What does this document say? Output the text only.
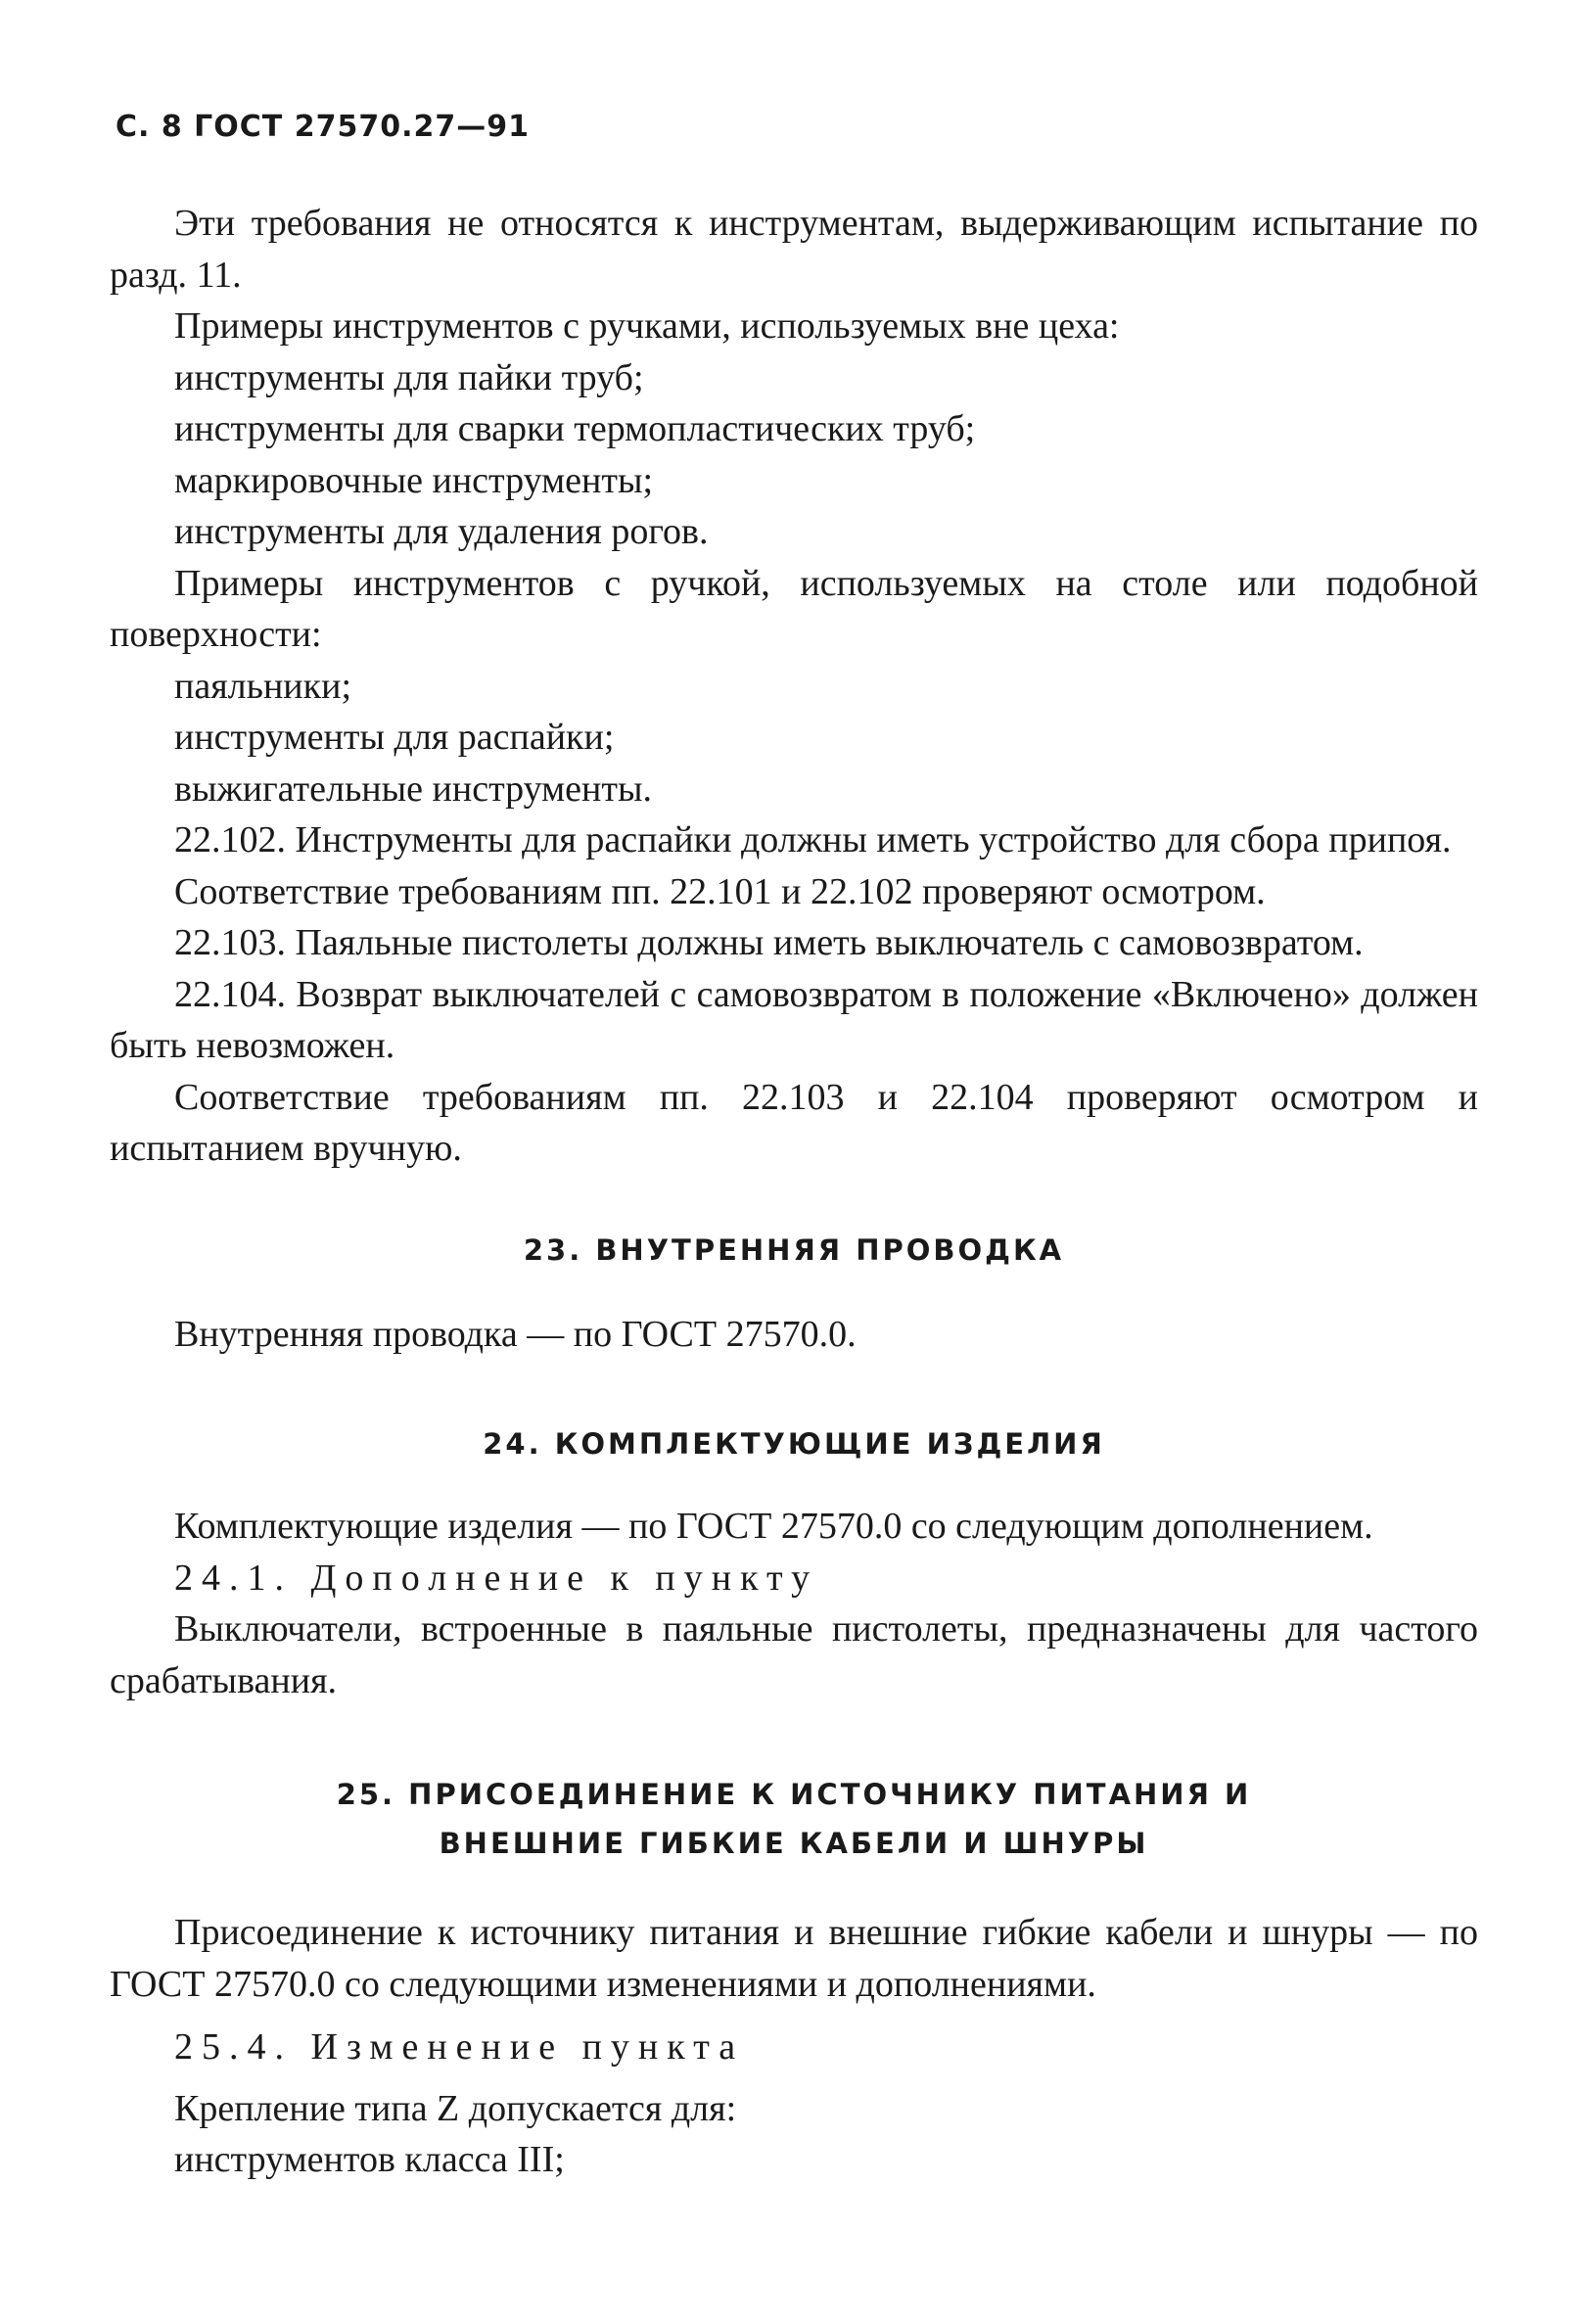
С. 8 ГОСТ 27570.27—91

Эти требования не относятся к инструментам, выдерживающим испытание по разд. 11.

Примеры инструментов с ручками, используемых вне цеха:

инструменты для пайки труб;

инструменты для сварки термопластических труб;

маркировочные инструменты;

инструменты для удаления рогов.

Примеры инструментов с ручкой, используемых на столе или подобной поверхности:

паяльники;

инструменты для распайки;

выжигательные инструменты.

22.102. Инструменты для распайки должны иметь устройство для сбора припоя.

Соответствие требованиям пп. 22.101 и 22.102 проверяют осмотром.

22.103. Паяльные пистолеты должны иметь выключатель с самовозвратом.

22.104. Возврат выключателей с самовозвратом в положение «Включено» должен быть невозможен.

Соответствие требованиям пп. 22.103 и 22.104 проверяют осмотром и испытанием вручную.

23. ВНУТРЕННЯЯ ПРОВОДКА

Внутренняя проводка — по ГОСТ 27570.0.

24. КОМПЛЕКТУЮЩИЕ ИЗДЕЛИЯ

Комплектующие изделия — по ГОСТ 27570.0 со следующим дополнением.

24.1. Дополнение к пункту

Выключатели, встроенные в паяльные пистолеты, предназначены для частого срабатывания.

25. ПРИСОЕДИНЕНИЕ К ИСТОЧНИКУ ПИТАНИЯ И
ВНЕШНИЕ ГИБКИЕ КАБЕЛИ И ШНУРЫ

Присоединение к источнику питания и внешние гибкие кабели и шнуры — по ГОСТ 27570.0 со следующими изменениями и дополнениями.

25.4. Изменение пункта

Крепление типа Z допускается для:

инструментов класса III;
